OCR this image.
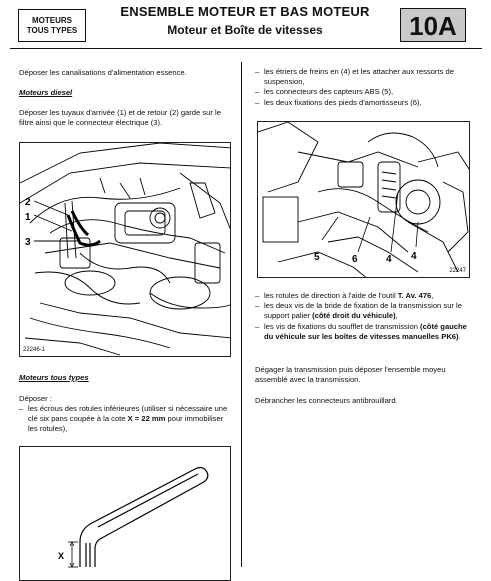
MOTEURS
TOUS TYPES
ENSEMBLE MOTEUR ET BAS MOTEUR
Moteur et Boîte de vitesses	10A
Déposer les canalisations d'alimentation essence.
Moteurs diesel
Déposer les tuyaux d'arrivée (1) et de retour (2) garde sur le filtre ainsi que le connecteur électrique (3).
2
1
3
22246-1
Moteurs tous types
Déposer :
– les écrous des rotules inférieures (utiliser si nécessaire une clé six pans coupée à la cote X = 22 mm pour immobiliser les rotules),
X
– les étriers de freins en (4) et les attacher aux ressorts de suspension,
– les connecteurs des capteurs ABS (5),
– les deux fixations des pieds d'amortisseurs (6),
5	6	4 4
22247
– les rotules de direction à l'aide de l'outil T. Av. 476,
– les deux vis de la bride de fixation de la transmission sur le support palier (côté droit du véhicule),
– les vis de fixations du soufflet de transmission (côté gauche du véhicule sur les boîtes de vitesses manuelles PK6).
Dégager la transmission puis déposer l'ensemble moyeu assemblé avec la transmission.
Débrancher les connecteurs antibrouillard.
